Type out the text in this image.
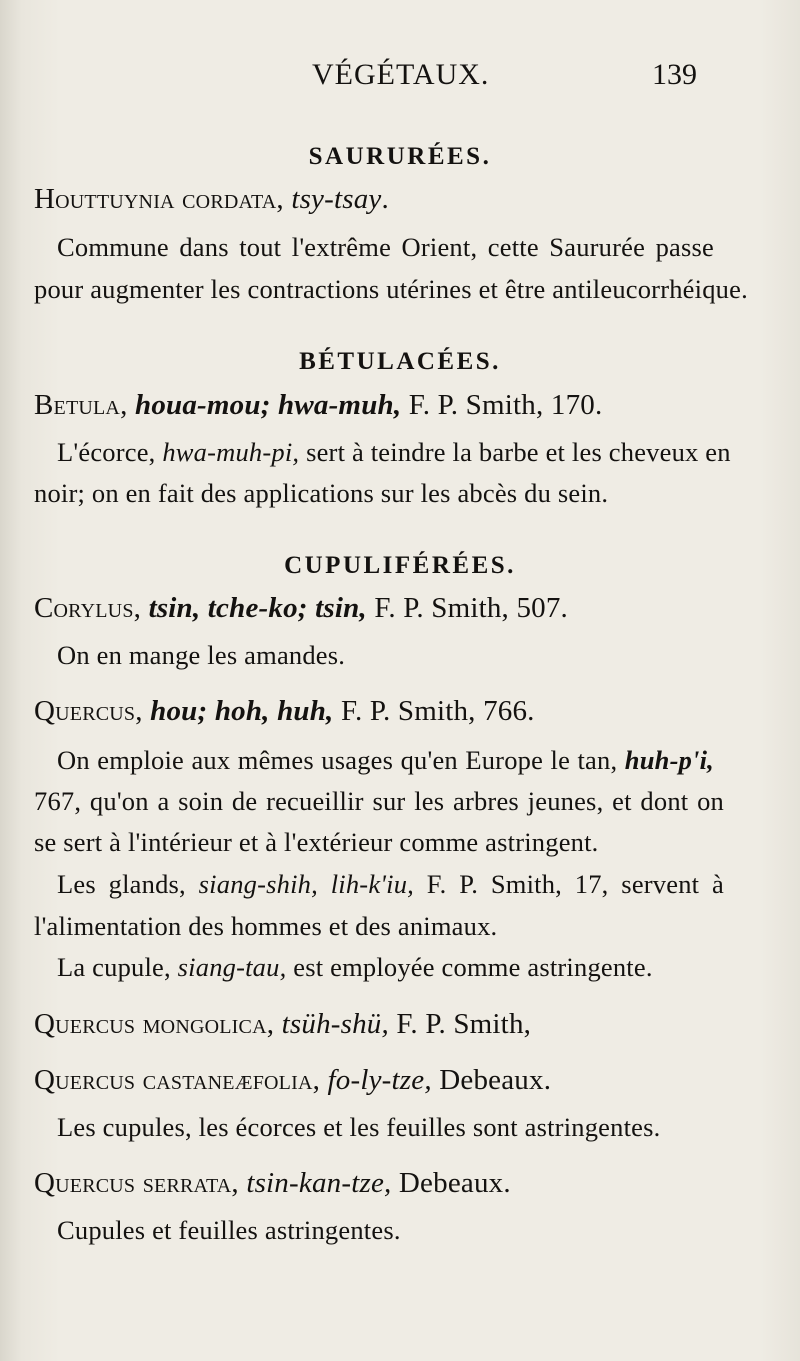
VÉGÉTAUX.	139
SAURURÉES.
Houttuynia cordata, tsy-tsay.
Commune dans tout l'extrême Orient, cette Saururée passe
pour augmenter les contractions utérines et être antileucorrhéique.
BÉTULACÉES.
Betula, houa-mou; hwa-muh, F. P. Smith, 170.
L'écorce, hwa-muh-pi, sert à teindre la barbe et les cheveux en
noir; on en fait des applications sur les abcès du sein.
CUPULIFÉRÉES.
Corylus, tsin, tche-ko; tsin, F. P. Smith, 507.
On en mange les amandes.
Quercus, hou; hoh, huh, F. P. Smith, 766.
On emploie aux mêmes usages qu'en Europe le tan, huh-p'i,
767, qu'on a soin de recueillir sur les arbres jeunes, et dont on
se sert à l'intérieur et à l'extérieur comme astringent.
Les glands, siang-shih, lih-k'iu, F. P. Smith, 17, servent à
l'alimentation des hommes et des animaux.
La cupule, siang-tau, est employée comme astringente.
Quercus mongolica, tsüh-shü, F. P. Smith,
Quercus castaneæfolia, fo-ly-tze, Debeaux.
Les cupules, les écorces et les feuilles sont astringentes.
Quercus serrata, tsin-kan-tze, Debeaux.
Cupules et feuilles astringentes.
